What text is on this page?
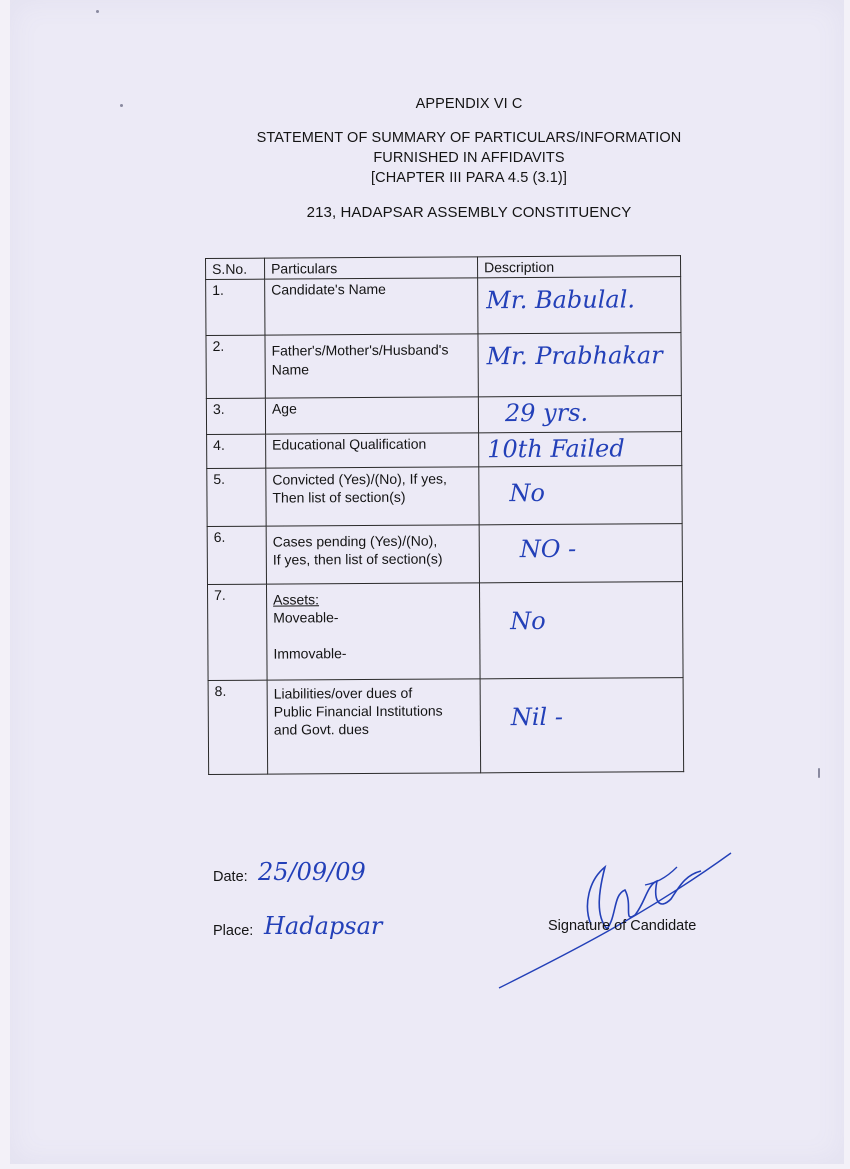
APPENDIX VI C
STATEMENT OF SUMMARY OF PARTICULARS/INFORMATION
FURNISHED IN AFFIDAVITS
[CHAPTER III PARA 4.5 (3.1)]
213, HADAPSAR ASSEMBLY CONSTITUENCY
S.No.	Particulars	Description
1.	Candidate's Name	Mr. Babulal.
2.	Father's/Mother's/Husband's Name	Mr. Prabhakar
3.	Age	29 yrs.
4.	Educational Qualification	10th Failed
5.	Convicted (Yes)/(No), If yes,
Then list of section(s)	No
6.	Cases pending (Yes)/(No),
If yes, then list of section(s)	NO -
7.	Assets:
Moveable-
Immovable-	No
8.	Liabilities/over dues of
Public Financial Institutions
and Govt. dues	Nil -
Date: 25/09/09
Place: Hadapsar	Signature of Candidate
